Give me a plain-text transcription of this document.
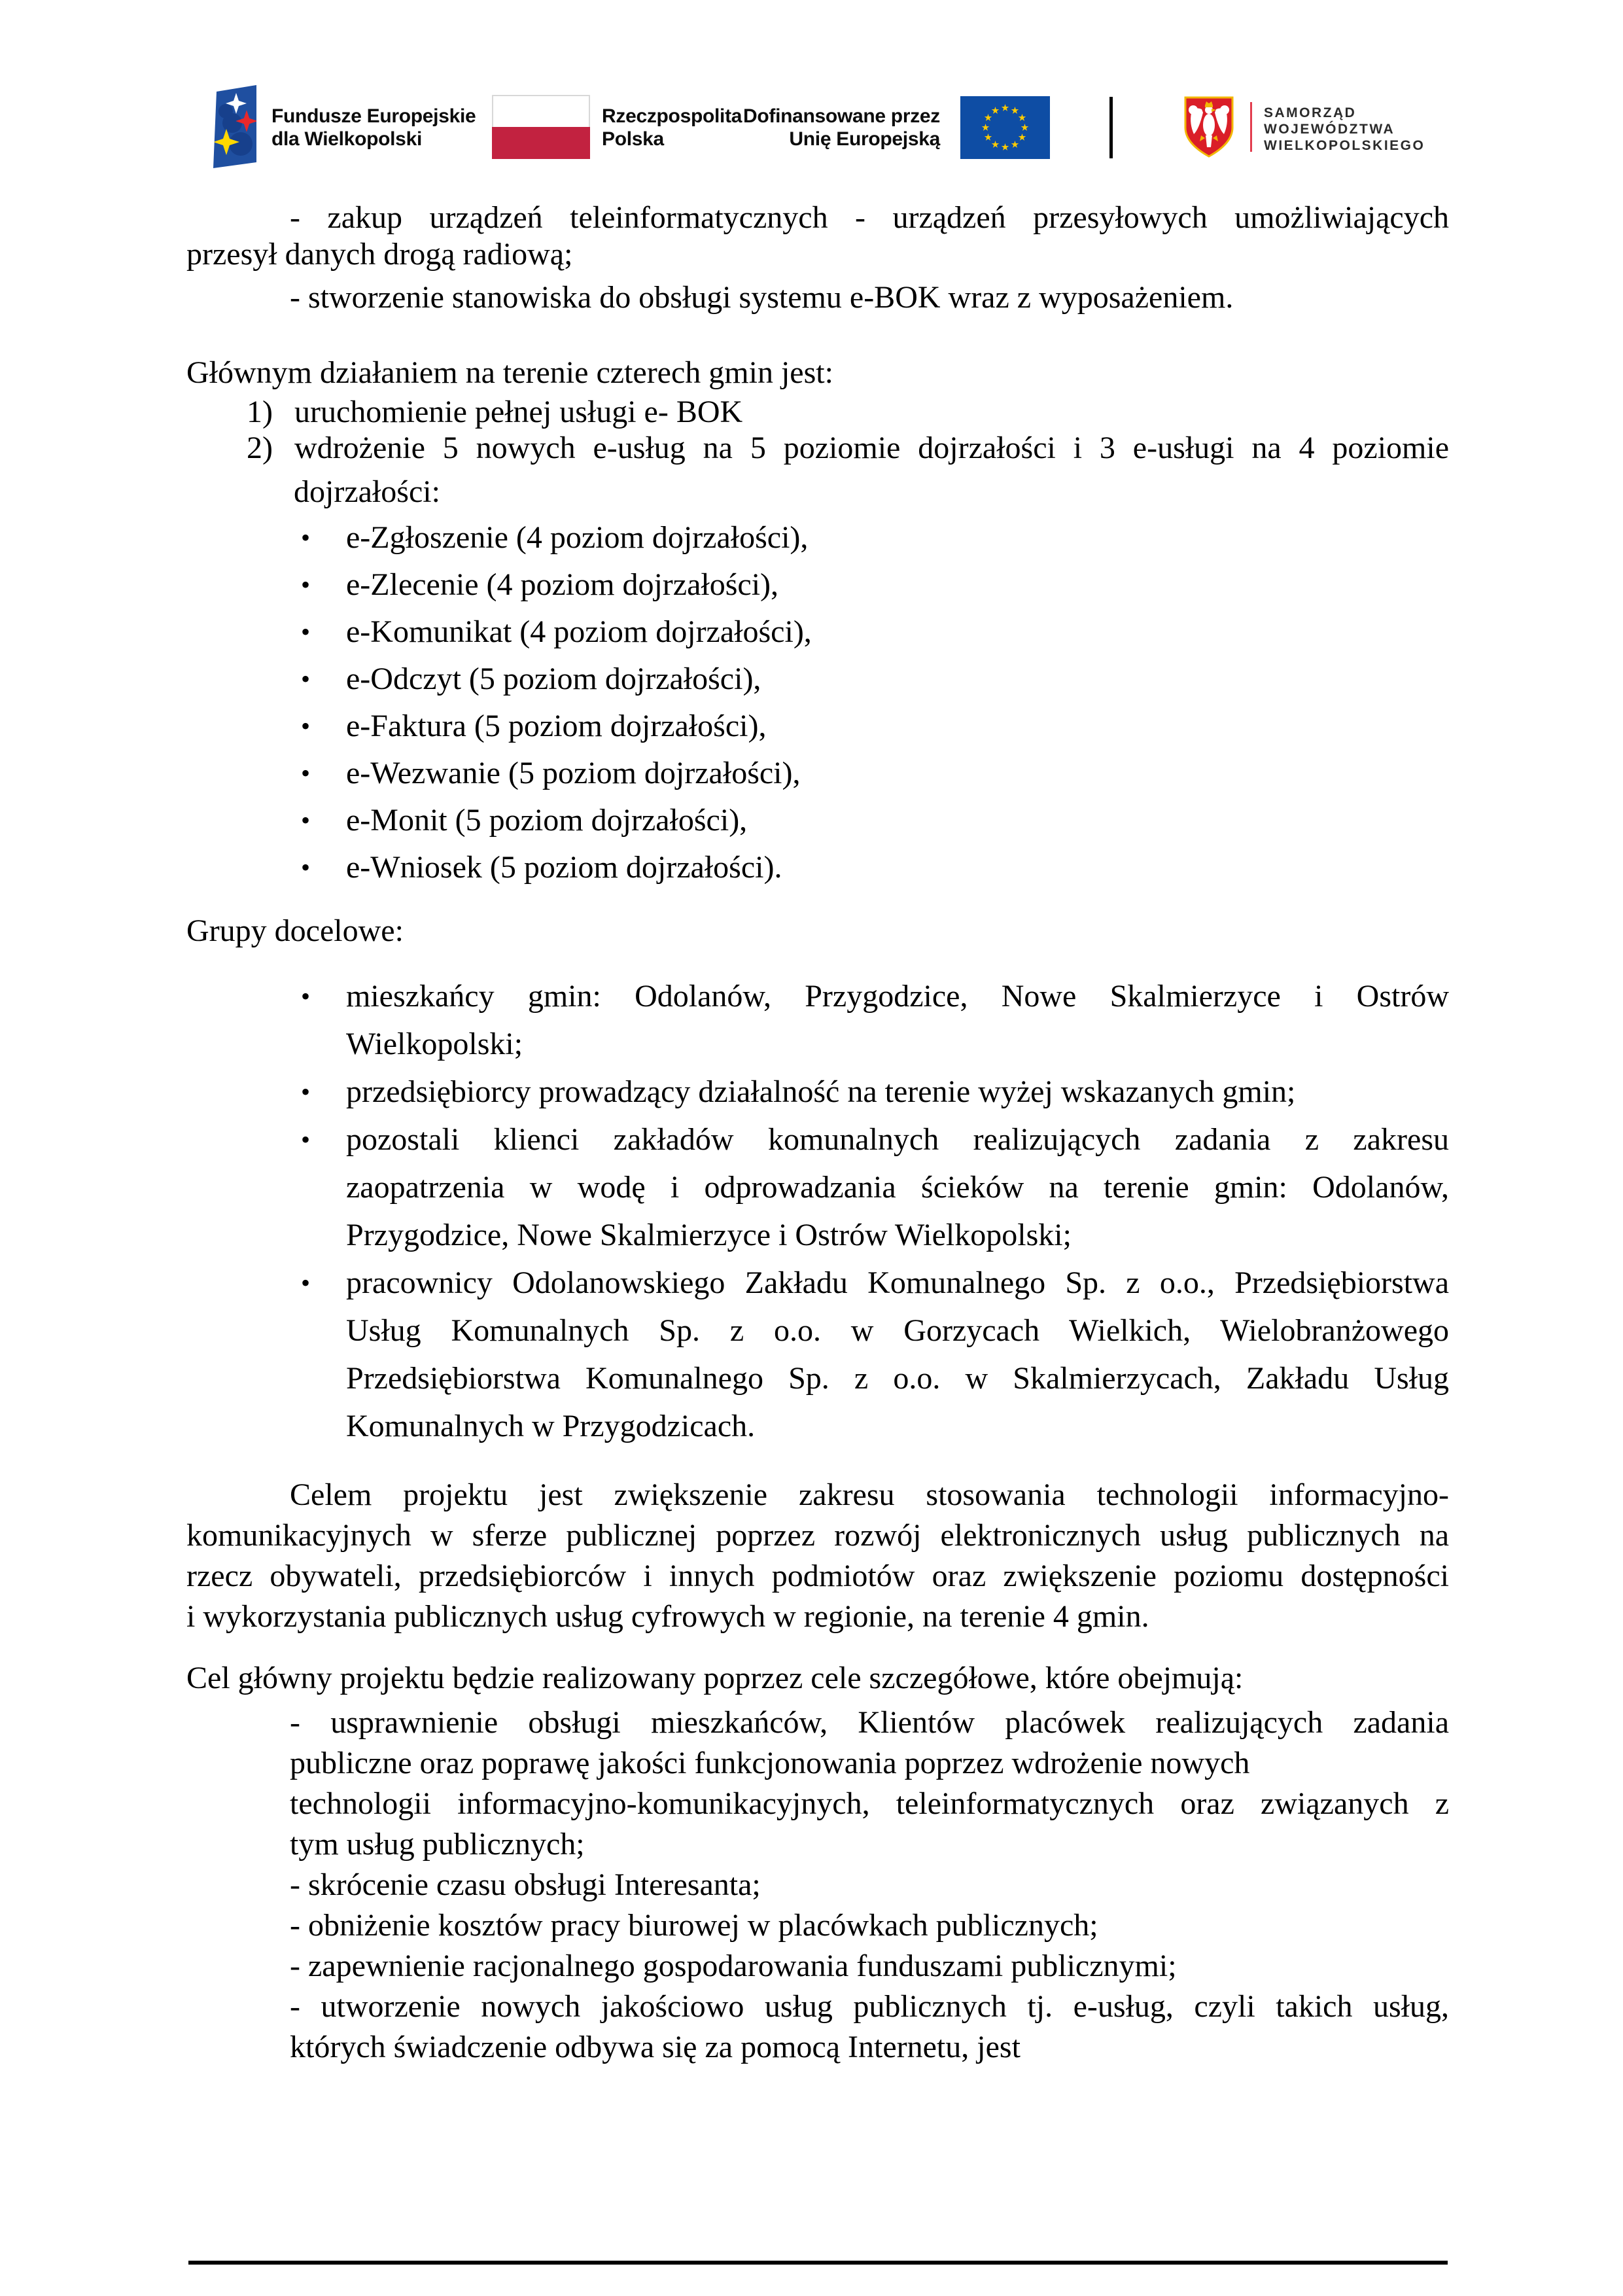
Fundusze Europejskie
dla Wielkopolski
Rzeczpospolita
Polska
Dofinansowane przez
Unię Europejską
SAMORZĄD
WOJEWÓDZTWA
WIELKOPOLSKIEGO
- zakup urządzeń teleinformatycznych - urządzeń przesyłowych umożliwiających
przesył danych drogą radiową;
- stworzenie stanowiska do obsługi systemu e-BOK wraz z wyposażeniem.
Głównym działaniem na terenie czterech gmin jest:
1) uruchomienie pełnej usługi e- BOK
2) wdrożenie 5 nowych e-usług na 5 poziomie dojrzałości i 3 e-usługi na 4 poziomie
dojrzałości:
• e-Zgłoszenie (4 poziom dojrzałości),
• e-Zlecenie (4 poziom dojrzałości),
• e-Komunikat (4 poziom dojrzałości),
• e-Odczyt (5 poziom dojrzałości),
• e-Faktura (5 poziom dojrzałości),
• e-Wezwanie (5 poziom dojrzałości),
• e-Monit (5 poziom dojrzałości),
• e-Wniosek (5 poziom dojrzałości).
Grupy docelowe:
• mieszkańcy gmin: Odolanów, Przygodzice, Nowe Skalmierzyce i Ostrów
Wielkopolski;
• przedsiębiorcy prowadzący działalność na terenie wyżej wskazanych gmin;
• pozostali klienci zakładów komunalnych realizujących zadania z zakresu
zaopatrzenia w wodę i odprowadzania ścieków na terenie gmin: Odolanów,
Przygodzice, Nowe Skalmierzyce i Ostrów Wielkopolski;
• pracownicy Odolanowskiego Zakładu Komunalnego Sp. z o.o., Przedsiębiorstwa
Usług Komunalnych Sp. z o.o. w Gorzycach Wielkich, Wielobranżowego
Przedsiębiorstwa Komunalnego Sp. z o.o. w Skalmierzycach, Zakładu Usług
Komunalnych w Przygodzicach.
Celem projektu jest zwiększenie zakresu stosowania technologii informacyjno-
komunikacyjnych w sferze publicznej poprzez rozwój elektronicznych usług publicznych na
rzecz obywateli, przedsiębiorców i innych podmiotów oraz zwiększenie poziomu dostępności
i wykorzystania publicznych usług cyfrowych w regionie, na terenie 4 gmin.
Cel główny projektu będzie realizowany poprzez cele szczegółowe, które obejmują:
- usprawnienie obsługi mieszkańców, Klientów placówek realizujących zadania
publiczne oraz poprawę jakości funkcjonowania poprzez wdrożenie nowych
technologii informacyjno-komunikacyjnych, teleinformatycznych oraz związanych z
tym usług publicznych;
- skrócenie czasu obsługi Interesanta;
- obniżenie kosztów pracy biurowej w placówkach publicznych;
- zapewnienie racjonalnego gospodarowania funduszami publicznymi;
- utworzenie nowych jakościowo usług publicznych tj. e-usług, czyli takich usług,
których świadczenie odbywa się za pomocą Internetu, jest
